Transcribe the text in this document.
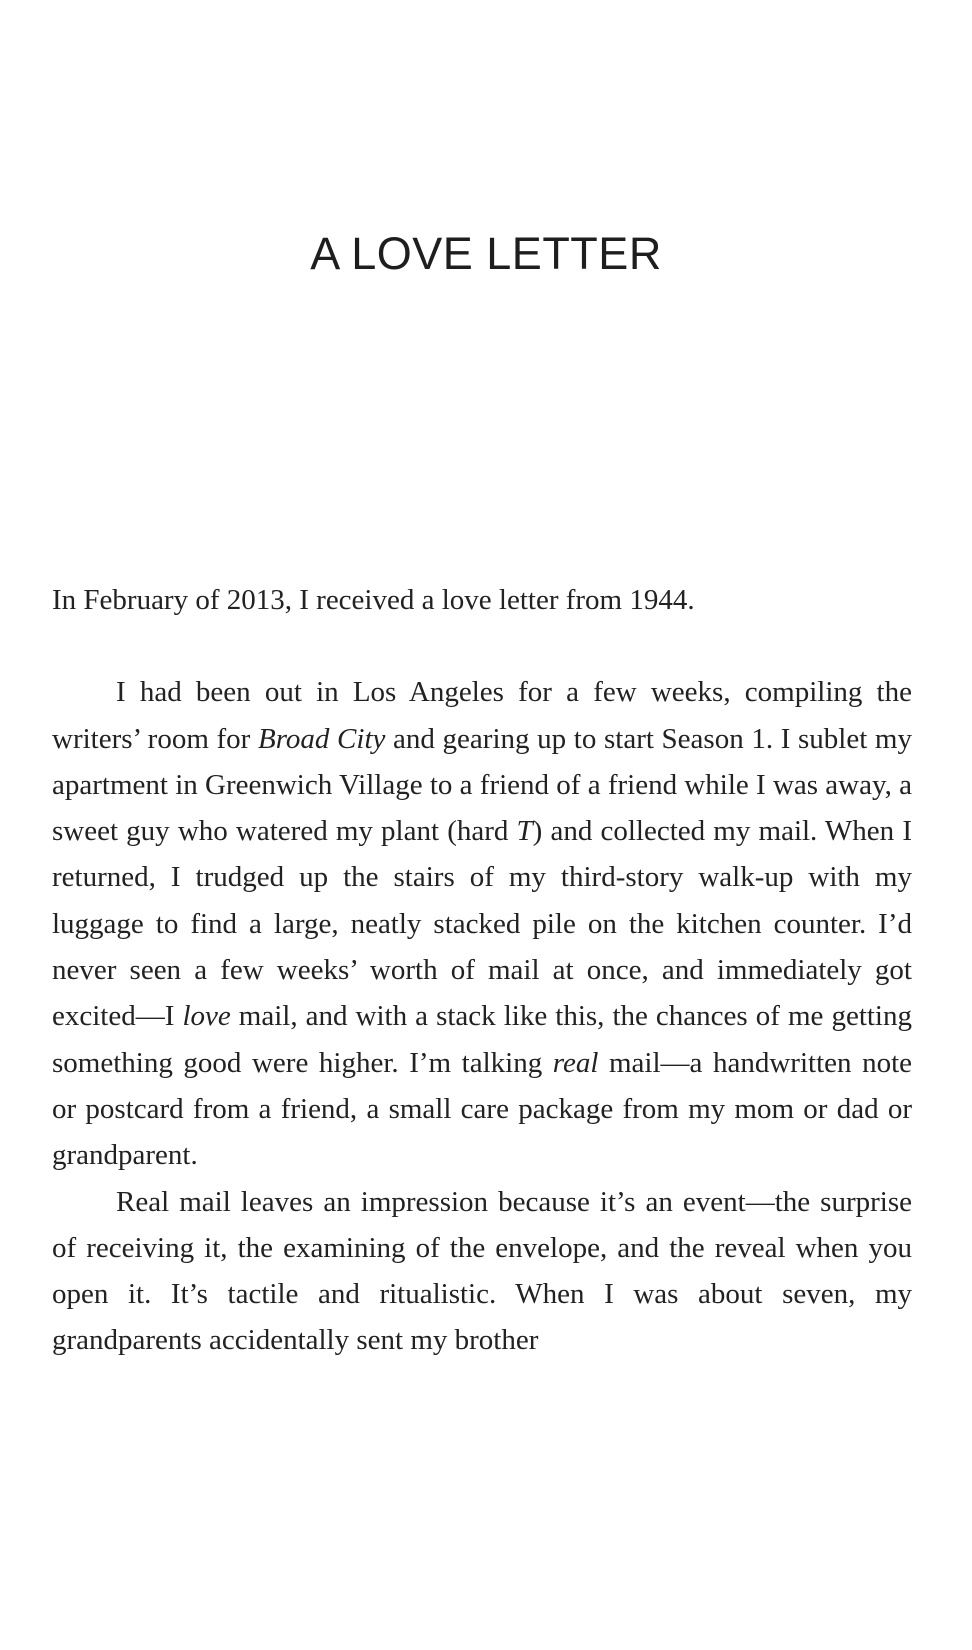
A LOVE LETTER

In February of 2013, I received a love letter from 1944.

I had been out in Los Angeles for a few weeks, compiling the writers’ room for Broad City and gearing up to start Season 1. I sublet my apartment in Greenwich Village to a friend of a friend while I was away, a sweet guy who watered my plant (hard T) and collected my mail. When I returned, I trudged up the stairs of my third-story walk-up with my luggage to find a large, neatly stacked pile on the kitchen counter. I’d never seen a few weeks’ worth of mail at once, and immediately got excited—I love mail, and with a stack like this, the chances of me getting something good were higher. I’m talking real mail—a handwritten note or postcard from a friend, a small care package from my mom or dad or grandparent.

Real mail leaves an impression because it’s an event—the surprise of receiving it, the examining of the envelope, and the reveal when you open it. It’s tactile and ritualistic. When I was about seven, my grandparents accidentally sent my brother
